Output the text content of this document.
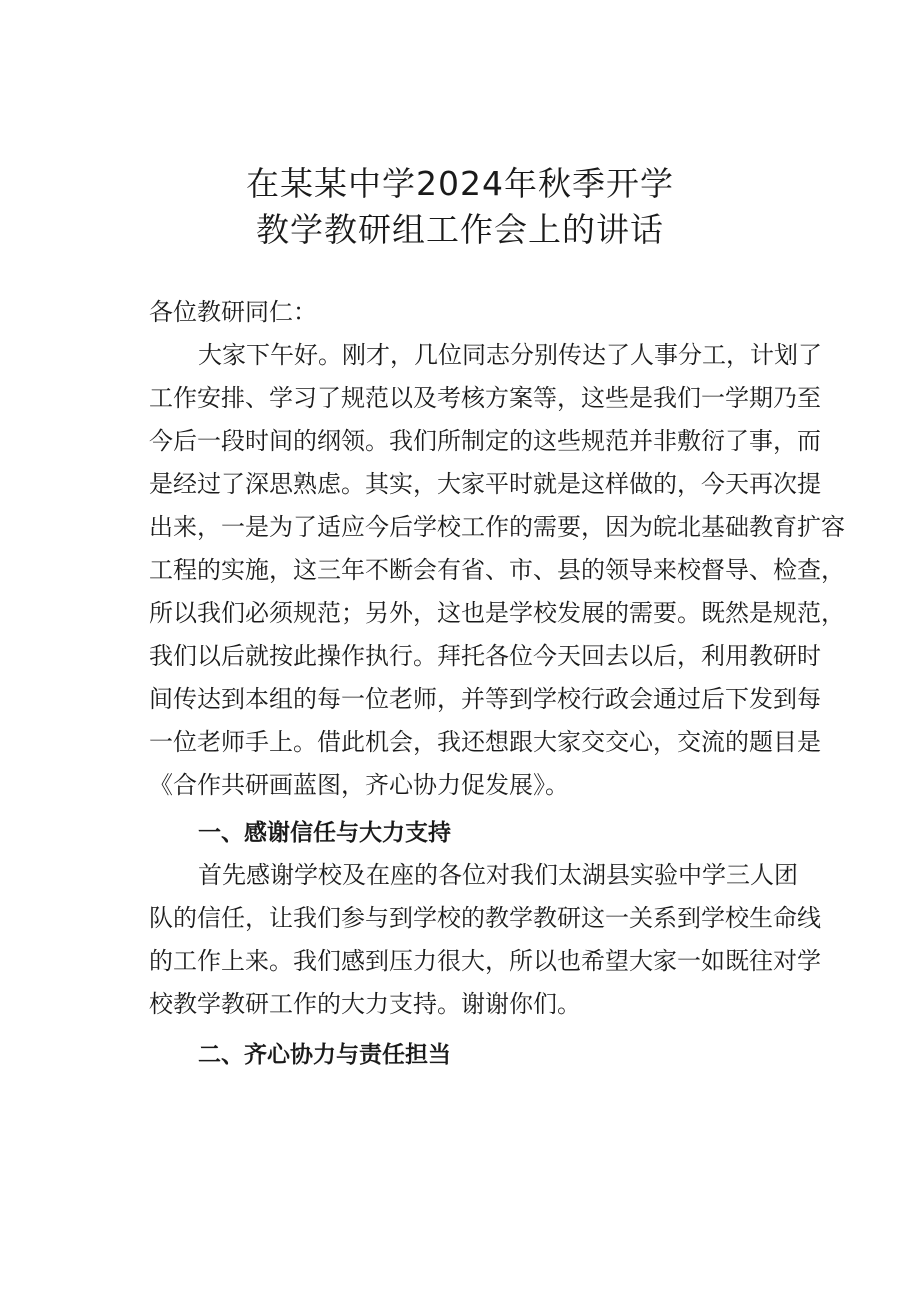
在某某中学2024年秋季开学
教学教研组工作会上的讲话

各位教研同仁：

大家下午好。刚才，几位同志分别传达了人事分工，计划了

工作安排、学习了规范以及考核方案等，这些是我们一学期乃至

今后一段时间的纲领。我们所制定的这些规范并非敷衍了事，而

是经过了深思熟虑。其实，大家平时就是这样做的，今天再次提

出来，一是为了适应今后学校工作的需要，因为皖北基础教育扩容

工程的实施，这三年不断会有省、市、县的领导来校督导、检查，

所以我们必须规范；另外，这也是学校发展的需要。既然是规范，

我们以后就按此操作执行。拜托各位今天回去以后，利用教研时

间传达到本组的每一位老师，并等到学校行政会通过后下发到每

一位老师手上。借此机会，我还想跟大家交交心，交流的题目是

《合作共研画蓝图，齐心协力促发展》。

一、感谢信任与大力支持

首先感谢学校及在座的各位对我们太湖县实验中学三人团

队的信任，让我们参与到学校的教学教研这一关系到学校生命线

的工作上来。我们感到压力很大，所以也希望大家一如既往对学

校教学教研工作的大力支持。谢谢你们。

二、齐心协力与责任担当
